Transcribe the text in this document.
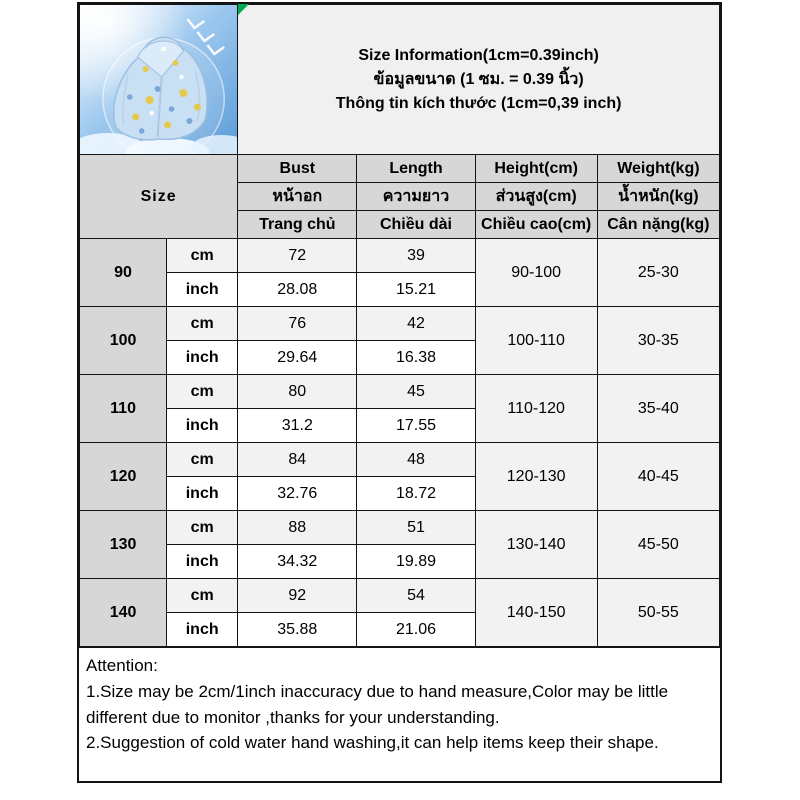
Size Information(1cm=0.39inch)
ข้อมูลขนาด (1 ซม. = 0.39 นิ้ว)
Thông tin kích thước (1cm=0,39 inch)			

Size		Bust	Length	Height(cm)	Weight(kg)
		หน้าอก	ความยาว	ส่วนสูง(cm)	น้ำหนัก(kg)
		Trang chủ	Chiều dài	Chiều cao(cm)	Cân nặng(kg)
90	cm	72	39	90-100	25-30
	inch	28.08	15.21		
100	cm	76	42	100-110	30-35
	inch	29.64	16.38		
110	cm	80	45	110-120	35-40
	inch	31.2	17.55		
120	cm	84	48	120-130	40-45
	inch	32.76	18.72		
130	cm	88	51	130-140	45-50
	inch	34.32	19.89		
140	cm	92	54	140-150	50-55
	inch	35.88	21.06		
Attention:
1.Size may be 2cm/1inch inaccuracy due to hand measure,Color may be little different due to monitor ,thanks for your understanding.
2.Suggestion of cold water hand washing,it can help items keep their shape.
